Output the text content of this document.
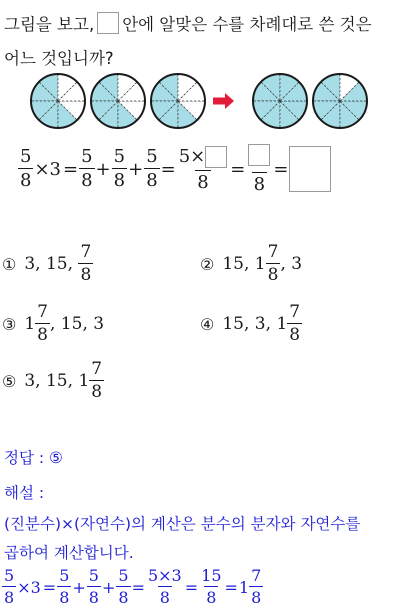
그림을 보고, 안에 알맞은 수를 차례대로 쓴 것은
어느 것입니까?
$\frac{5}{8} \times 3 = \frac{5}{8} + \frac{5}{8} + \frac{5}{8} = \frac{5\times}{8}$ =
8
=
① 3,
15,
$\frac{7}{8}$	② 15,
$1 \frac{7}{8}$ , 3
③ $1 \frac{7}{8}$ , 15, 3	④ 15,
3,
$1 \frac{7}{8}$
⑤ 3,
15,
$1 \frac{7}{8}$
정답 : ⑤
해설 :
(진분수)×(자연수)의 계산은 분수의 분자와 자연수를
곱하여 계산합니다.
$\frac{5}{8} \times 3 = \frac{5}{8} + \frac{5}{8} + \frac{5}{8} = \frac{5\times 3}{8} = \frac{15}{8} = 1 \frac{7}{8}$
